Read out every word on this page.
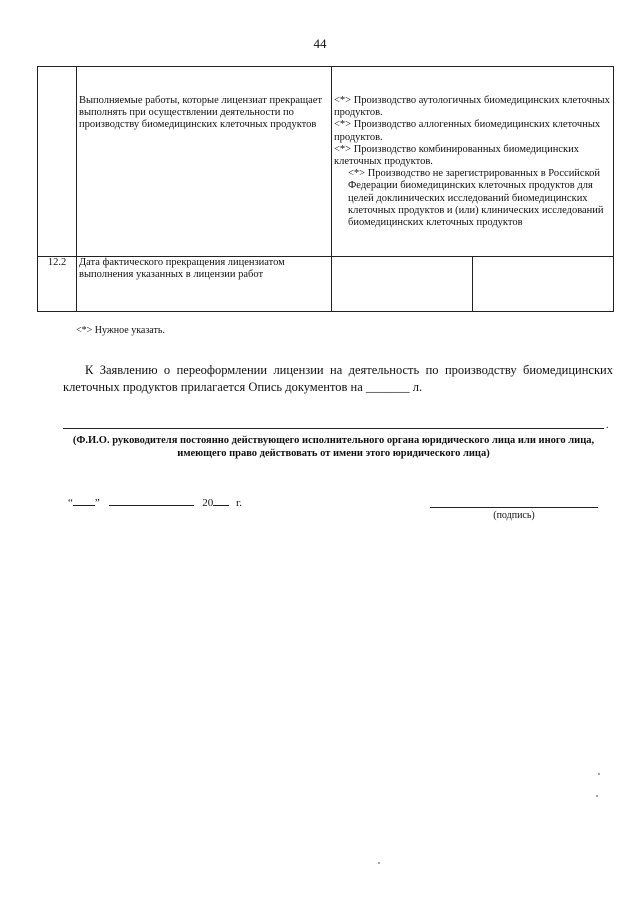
44

	Выполняемые работы, которые лицензиат прекращает выполнять при осуществлении деятельности по производству биомедицинских клеточных продуктов	<*> Производство аутологичных биомедицинских клеточных продуктов.

<*> Производство аллогенных биомедицинских клеточных продуктов.

<*> Производство комбинированных биомедицинских клеточных продуктов.

<*> Производство не зарегистрированных в Российской Федерации биомедицинских клеточных продуктов для целей доклинических исследований биомедицинских клеточных продуктов и (или) клинических исследований биомедицинских клеточных продуктов	

12.2	Дата фактического прекращения лицензиатом выполнения указанных в лицензии работ		

<*> Нужное указать.
К Заявлению о переоформлении лицензии на деятельность по производству биомедицинских клеточных продуктов прилагается Опись документов на _______ л.
.
(Ф.И.О. руководителя постоянно действующего исполнительного органа юридического лица или иного лица,
имеющего право действовать от имени этого юридического лица)
“ ”	20 г.
(подпись)
